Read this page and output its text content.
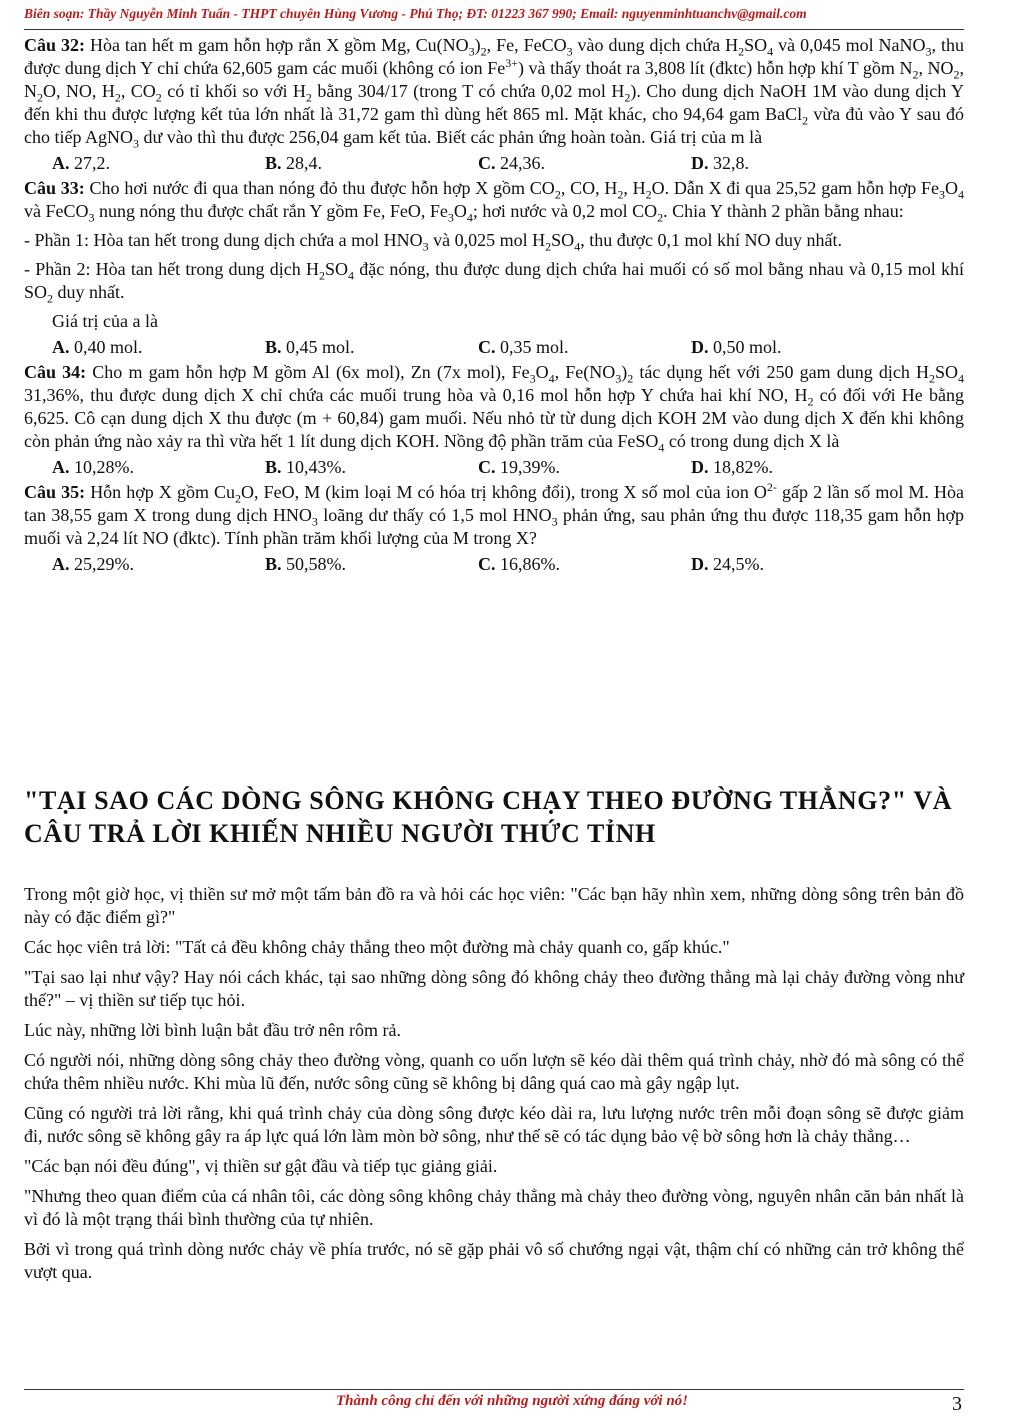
Biên soạn: Thầy Nguyễn Minh Tuấn - THPT chuyên Hùng Vương - Phú Thọ; ĐT: 01223 367 990; Email: nguyenminhtuanchv@gmail.com

Câu 32: Hòa tan hết m gam hỗn hợp rắn X gồm Mg, $Cu(NO_3)_2$, Fe, FeCO$_3$ vào dung dịch chứa $H_2SO_4$ và 0,045 mol NaNO$_3$, thu được dung dịch Y chỉ chứa 62,605 gam các muối (không có ion $Fe^{3+}$) và thấy thoát ra 3,808 lít (đktc) hỗn hợp khí T gồm $N_2$, $NO_2$, $N_2O$, NO, $H_2$, $CO_2$ có tỉ khối so với $H_2$ bằng 304/17 (trong T có chứa 0,02 mol $H_2$). Cho dung dịch NaOH 1M vào dung dịch Y đến khi thu được lượng kết tủa lớn nhất là 31,72 gam thì dùng hết 865 ml. Mặt khác, cho 94,64 gam BaCl$_2$ vừa đủ vào Y sau đó cho tiếp AgNO$_3$ dư vào thì thu được 256,04 gam kết tủa. Biết các phản ứng hoàn toàn. Giá trị của m là

A. 27,2.	B. 28,4.	C. 24,36.	D. 32,8.

Câu 33: Cho hơi nước đi qua than nóng đỏ thu được hỗn hợp X gồm $CO_2$, CO, $H_2$, $H_2O$. Dẫn X đi qua 25,52 gam hỗn hợp $Fe_3O_4$ và FeCO$_3$ nung nóng thu được chất rắn Y gồm Fe, FeO, $Fe_3O_4$; hơi nước và 0,2 mol $CO_2$. Chia Y thành 2 phần bằng nhau:

- Phần 1: Hòa tan hết trong dung dịch chứa a mol $HNO_3$ và 0,025 mol $H_2SO_4$, thu được 0,1 mol khí NO duy nhất.

- Phần 2: Hòa tan hết trong dung dịch $H_2SO_4$ đặc nóng, thu được dung dịch chứa hai muối có số mol bằng nhau và 0,15 mol khí $SO_2$ duy nhất.

Giá trị của a là

A. 0,40 mol.	B. 0,45 mol.	C. 0,35 mol.	D. 0,50 mol.

Câu 34: Cho m gam hỗn hợp M gồm Al (6x mol), Zn (7x mol), $Fe_3O_4$, $Fe(NO_3)_2$ tác dụng hết với 250 gam dung dịch $H_2SO_4$ 31,36%, thu được dung dịch X chỉ chứa các muối trung hòa và 0,16 mol hỗn hợp Y chứa hai khí NO, $H_2$ có đối với He bằng 6,625. Cô cạn dung dịch X thu được (m + 60,84) gam muối. Nếu nhỏ từ từ dung dịch KOH 2M vào dung dịch X đến khi không còn phản ứng nào xảy ra thì vừa hết 1 lít dung dịch KOH. Nồng độ phần trăm của FeSO$_4$ có trong dung dịch X là

A. 10,28%.	B. 10,43%.	C. 19,39%.	D. 18,82%.

Câu 35: Hỗn hợp X gồm $Cu_2O$, FeO, M (kim loại M có hóa trị không đổi), trong X số mol của ion $O^{2-}$ gấp 2 lần số mol M. Hòa tan 38,55 gam X trong dung dịch $HNO_3$ loãng dư thấy có 1,5 mol $HNO_3$ phản ứng, sau phản ứng thu được 118,35 gam hỗn hợp muối và 2,24 lít NO (đktc). Tính phần trăm khối lượng của M trong X?

A. 25,29%.	B. 50,58%.	C. 16,86%.	D. 24,5%.
"TẠI SAO CÁC DÒNG SÔNG KHÔNG CHẠY THEO ĐƯỜNG THẲNG?" VÀ CÂU TRẢ LỜI KHIẾN NHIỀU NGƯỜI THỨC TỈNH

Trong một giờ học, vị thiền sư mở một tấm bản đồ ra và hỏi các học viên: "Các bạn hãy nhìn xem, những dòng sông trên bản đồ này có đặc điểm gì?"

Các học viên trả lời: "Tất cả đều không chảy thẳng theo một đường mà chảy quanh co, gấp khúc."

"Tại sao lại như vậy? Hay nói cách khác, tại sao những dòng sông đó không chảy theo đường thẳng mà lại chảy đường vòng như thế?" – vị thiền sư tiếp tục hỏi.

Lúc này, những lời bình luận bắt đầu trở nên rôm rả.

Có người nói, những dòng sông chảy theo đường vòng, quanh co uốn lượn sẽ kéo dài thêm quá trình chảy, nhờ đó mà sông có thể chứa thêm nhiều nước. Khi mùa lũ đến, nước sông cũng sẽ không bị dâng quá cao mà gây ngập lụt.

Cũng có người trả lời rằng, khi quá trình chảy của dòng sông được kéo dài ra, lưu lượng nước trên mỗi đoạn sông sẽ được giảm đi, nước sông sẽ không gây ra áp lực quá lớn làm mòn bờ sông, như thế sẽ có tác dụng bảo vệ bờ sông hơn là chảy thẳng…

"Các bạn nói đều đúng", vị thiền sư gật đầu và tiếp tục giảng giải.

"Nhưng theo quan điểm của cá nhân tôi, các dòng sông không chảy thẳng mà chảy theo đường vòng, nguyên nhân căn bản nhất là vì đó là một trạng thái bình thường của tự nhiên.

Bởi vì trong quá trình dòng nước chảy về phía trước, nó sẽ gặp phải vô số chướng ngại vật, thậm chí có những cản trở không thể vượt qua.

Thành công chỉ đến với những người xứng đáng với nó!	3
